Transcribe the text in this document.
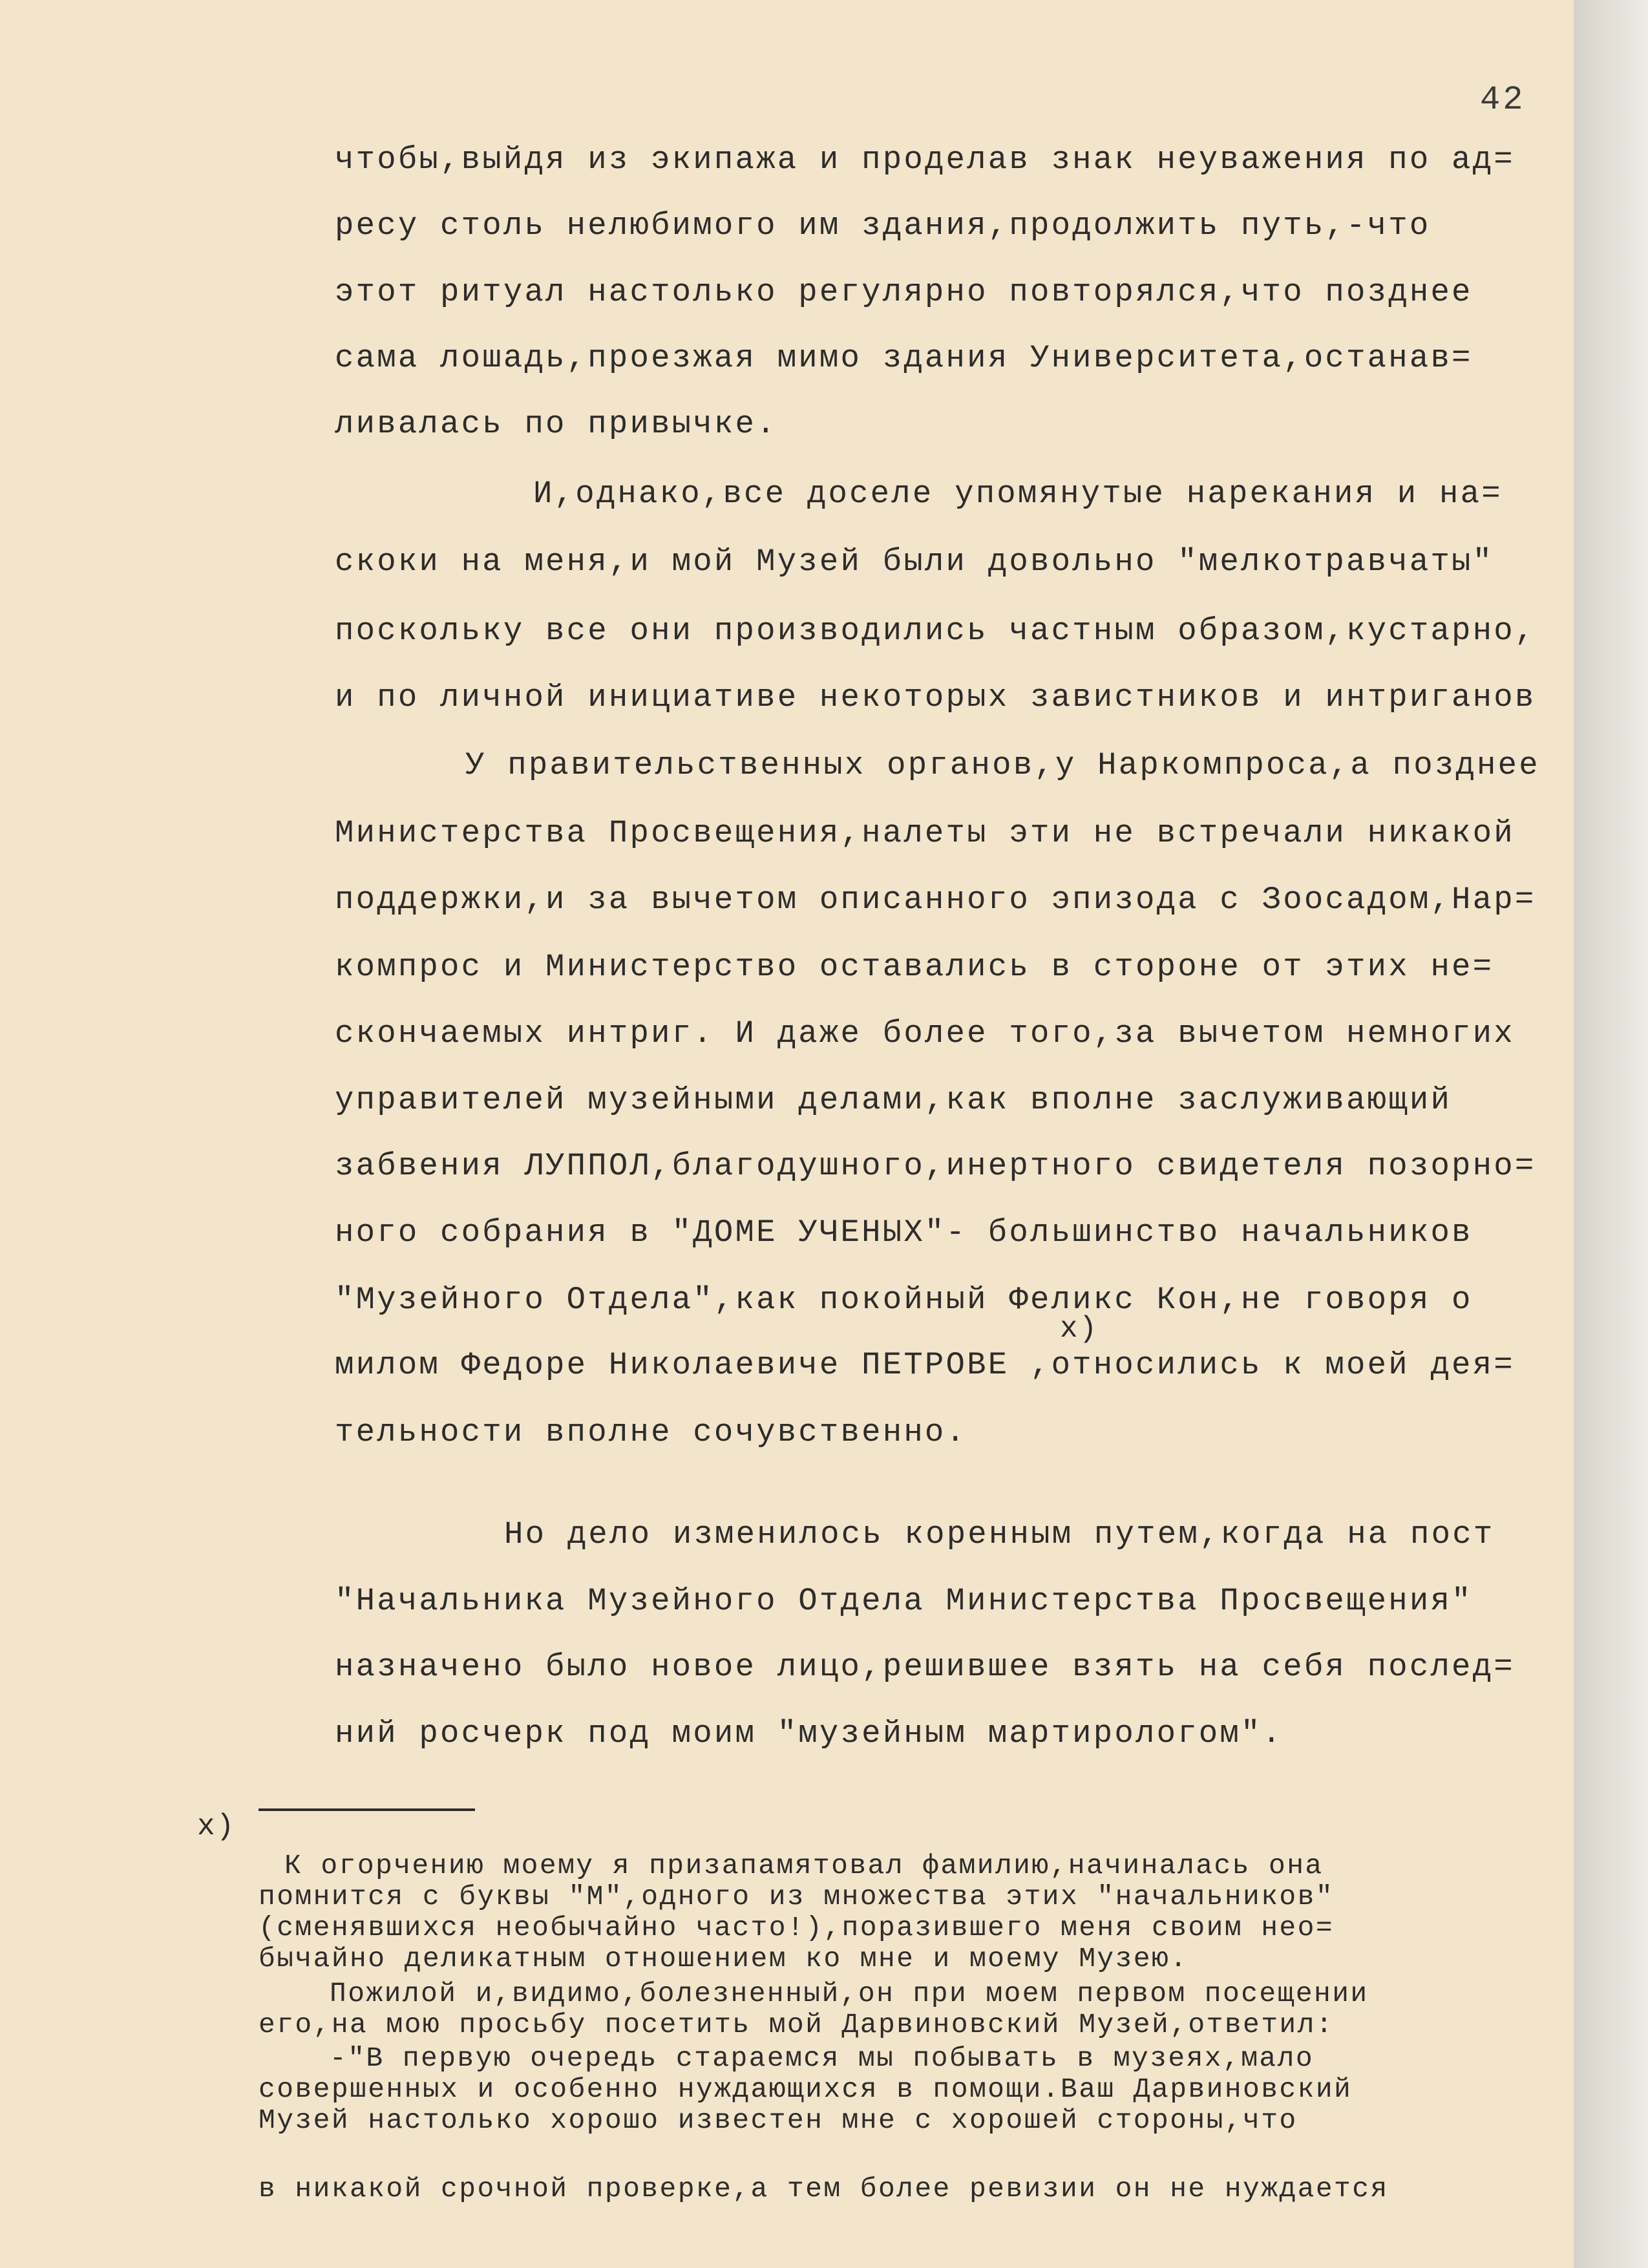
42
чтобы,выйдя из экипажа и проделав знак неуважения по ад=
ресу столь нелюбимого им здания,продолжить путь,-что
этот ритуал настолько регулярно повторялся,что позднее
сама лошадь,проезжая мимо здания Университета,останав=
ливалась по привычке.
И,однако,все доселе упомянутые нарекания и на=
скоки на меня,и мой Музей были довольно "мелкотравчаты"
поскольку все они производились частным образом,кустарно,
и по личной инициативе некоторых завистников и интриганов
У правительственных органов,у Наркомпроса,а позднее
Министерства Просвещения,налеты эти не встречали никакой
поддержки,и за вычетом описанного эпизода с Зоосадом,Нар=
компрос и Министерство оставались в стороне от этих не=
скончаемых интриг. И даже более того,за вычетом немногих
управителей музейными делами,как вполне заслуживающий
забвения ЛУППОЛ,благодушного,инертного свидетеля позорно=
ного собрания в "ДОМЕ УЧЕНЫХ"- большинство начальников
"Музейного Отдела",как покойный Феликс Кон,не говоря о
х)
милом Федоре Николаевиче ПЕТРОВЕ ,относились к моей дея=
тельности вполне сочувственно.
Но дело изменилось коренным путем,когда на пост
"Начальника Музейного Отдела Министерства Просвещения"
назначено было новое лицо,решившее взять на себя послед=
ний росчерк под моим "музейным мартирологом".
х)
К огорчению моему я призапамятовал фамилию,начиналась она
помнится с буквы "М",одного из множества этих "начальников"
(сменявшихся необычайно часто!),поразившего меня своим нео=
бычайно деликатным отношением ко мне и моему Музею.
Пожилой и,видимо,болезненный,он при моем первом посещении
его,на мою просьбу посетить мой Дарвиновский Музей,ответил:
-"В первую очередь стараемся мы побывать в музеях,мало
совершенных и особенно нуждающихся в помощи.Ваш Дарвиновский
Музей настолько хорошо известен мне с хорошей стороны,что
в никакой срочной проверке,а тем более ревизии он не нуждается
